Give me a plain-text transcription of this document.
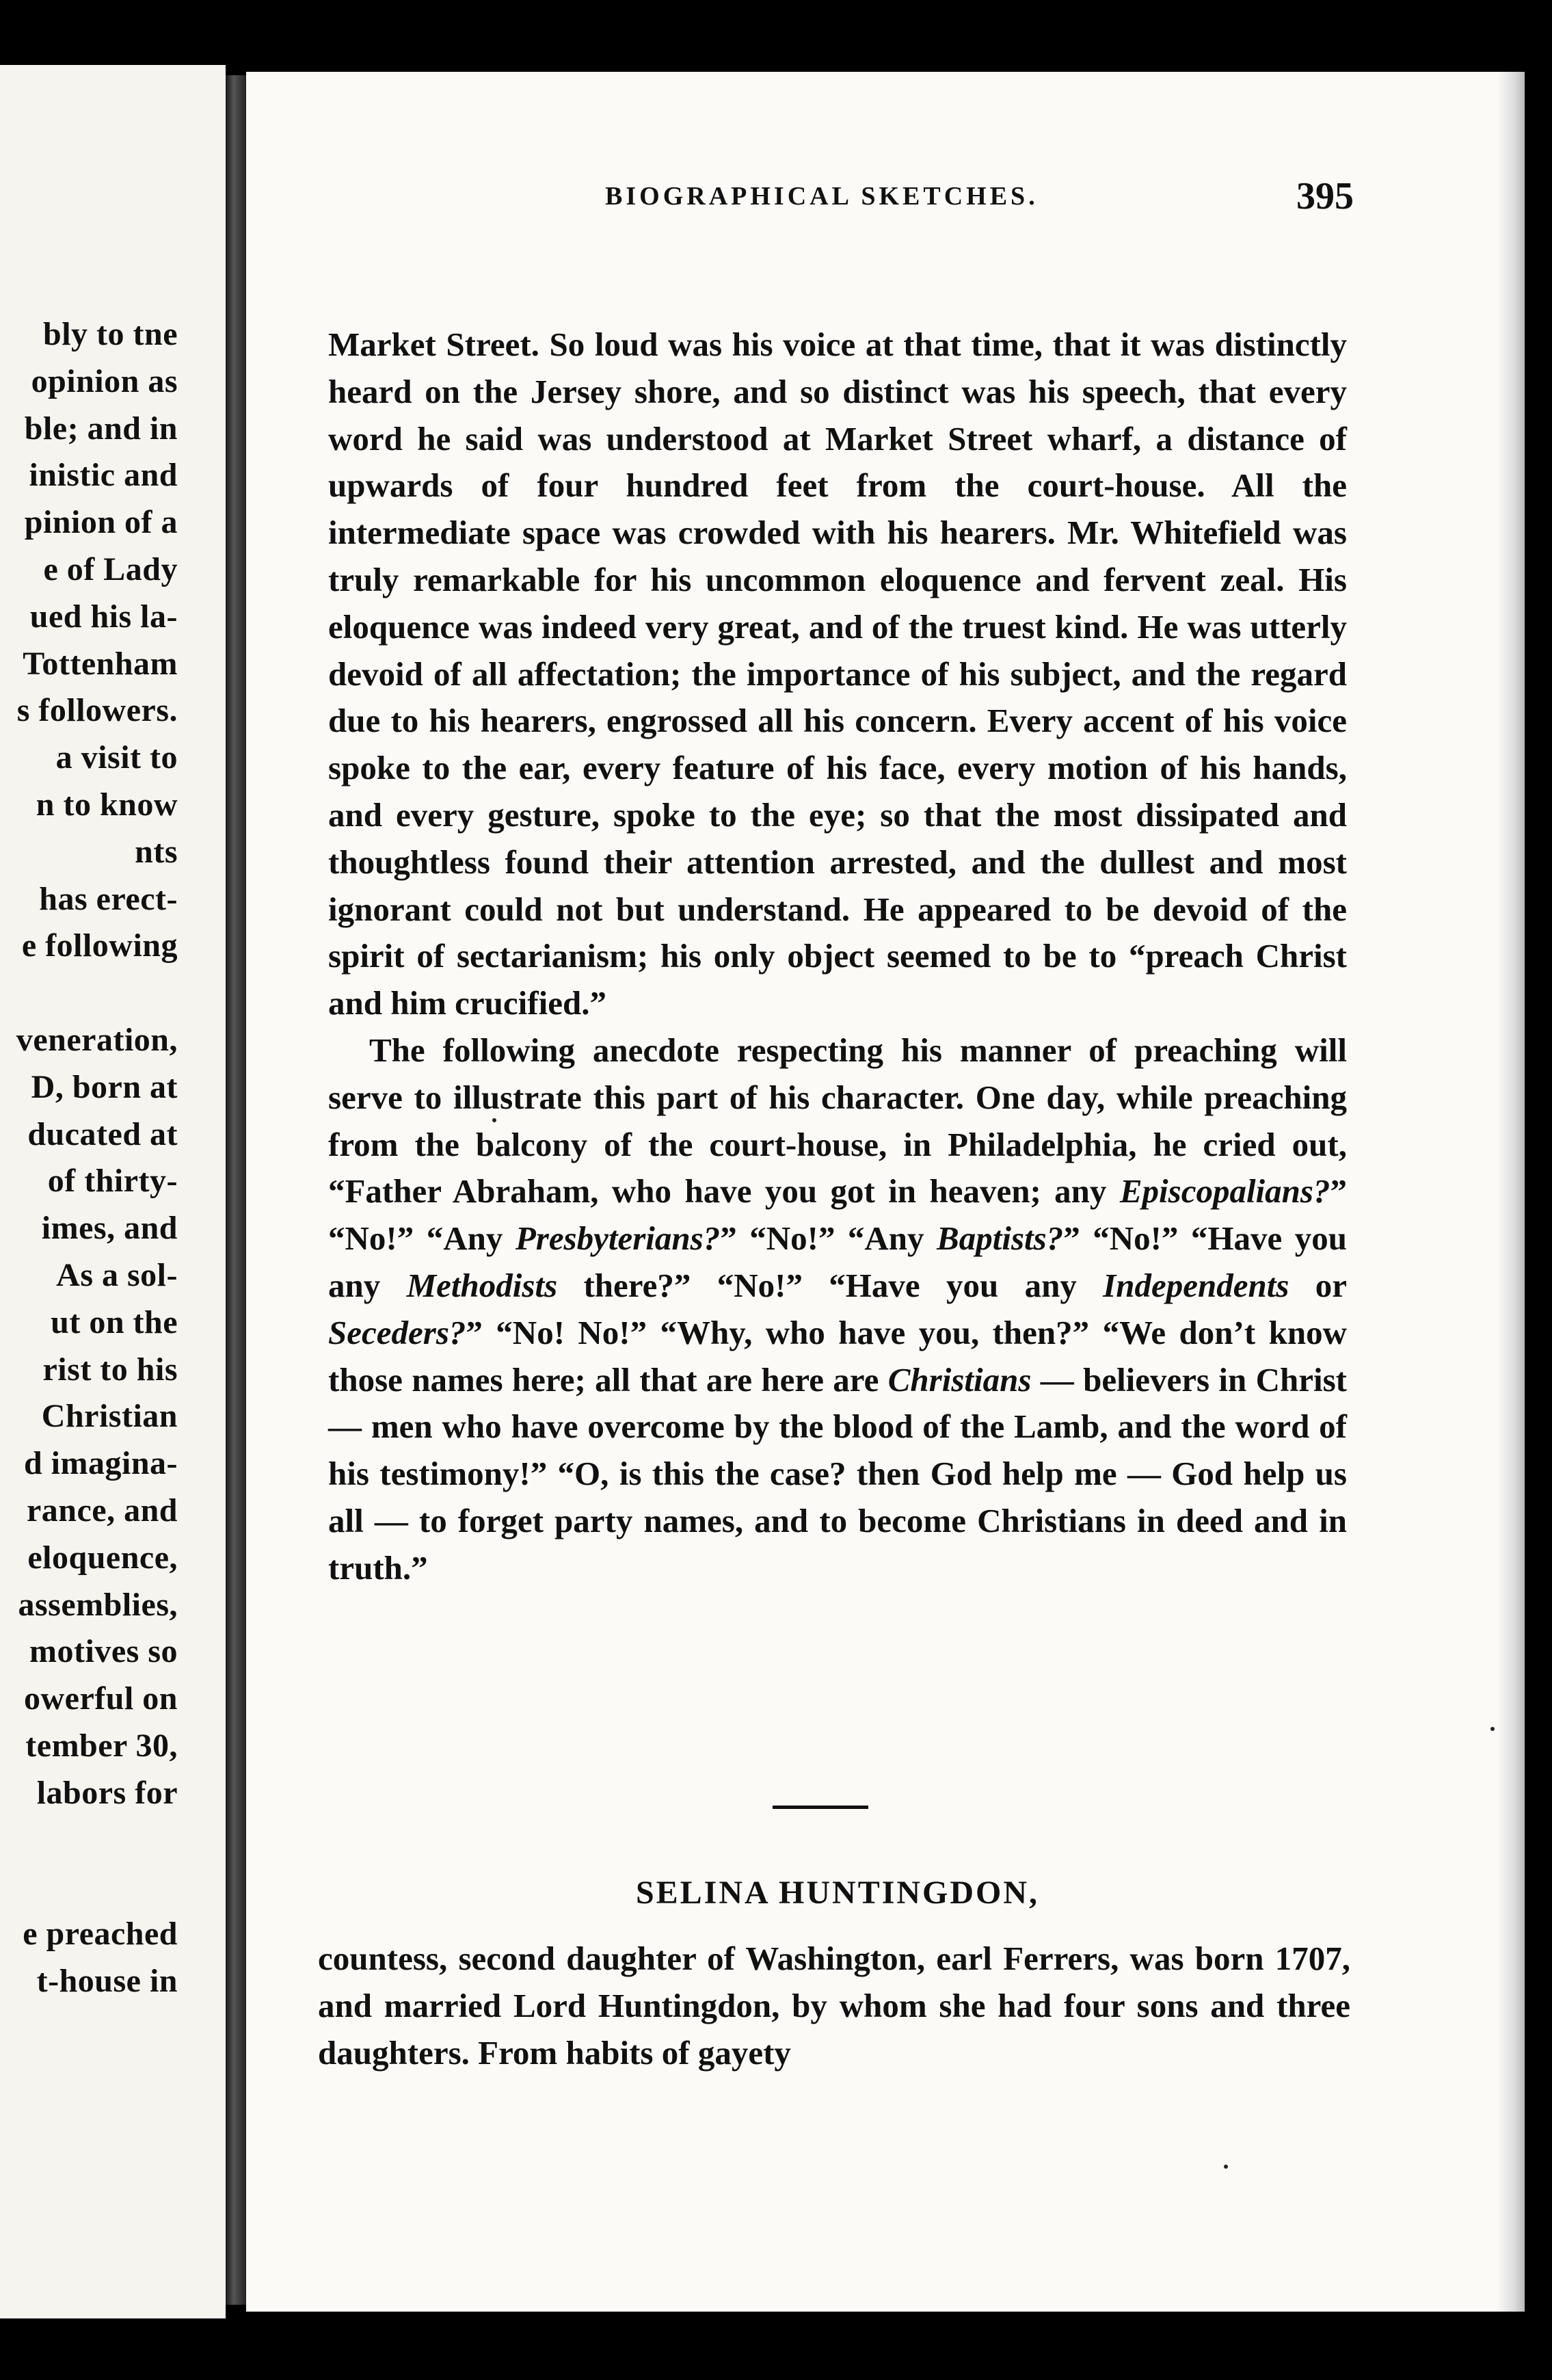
bly to tne
opinion as
ble; and in
inistic and
pinion of a
e of Lady
ued his la-
Tottenham
s followers.
a visit to
n to know
nts
has erect-
e following
veneration,
D, born at
ducated at
of thirty-
imes, and
As a sol-
ut on the
rist to his
Christian
d imagina-
rance, and
eloquence,
assemblies,
motives so
owerful on
tember 30,
labors for
e preached
t-house in
BIOGRAPHICAL SKETCHES.	395

Market Street. So loud was his voice at that time, that it was distinctly heard on the Jersey shore, and so distinct was his speech, that every word he said was understood at Market Street wharf, a distance of upwards of four hundred feet from the court-house. All the intermediate space was crowded with his hearers. Mr. Whitefield was truly remarkable for his uncommon eloquence and fervent zeal. His eloquence was indeed very great, and of the truest kind. He was utterly devoid of all affectation; the importance of his subject, and the regard due to his hearers, engrossed all his concern. Every accent of his voice spoke to the ear, every feature of his face, every motion of his hands, and every gesture, spoke to the eye; so that the most dissipated and thoughtless found their attention arrested, and the dullest and most ignorant could not but understand. He appeared to be devoid of the spirit of sectarianism; his only object seemed to be to “preach Christ and him crucified.”

The following anecdote respecting his manner of preaching will serve to illustrate this part of his character. One day, while preaching from the balcony of the court-house, in Philadelphia, he cried out, “Father Abraham, who have you got in heaven; any Episcopalians?” “No!” “Any Presbyterians?” “No!” “Any Baptists?” “No!” “Have you any Methodists there?” “No!” “Have you any Independents or Seceders?” “No! No!” “Why, who have you, then?” “We don’t know those names here; all that are here are Christians — believers in Christ — men who have overcome by the blood of the Lamb, and the word of his testimony!” “O, is this the case? then God help me — God help us all — to forget party names, and to become Christians in deed and in truth.”

SELINA HUNTINGDON,

countess, second daughter of Washington, earl Ferrers, was born 1707, and married Lord Huntingdon, by whom she had four sons and three daughters. From habits of gayety
